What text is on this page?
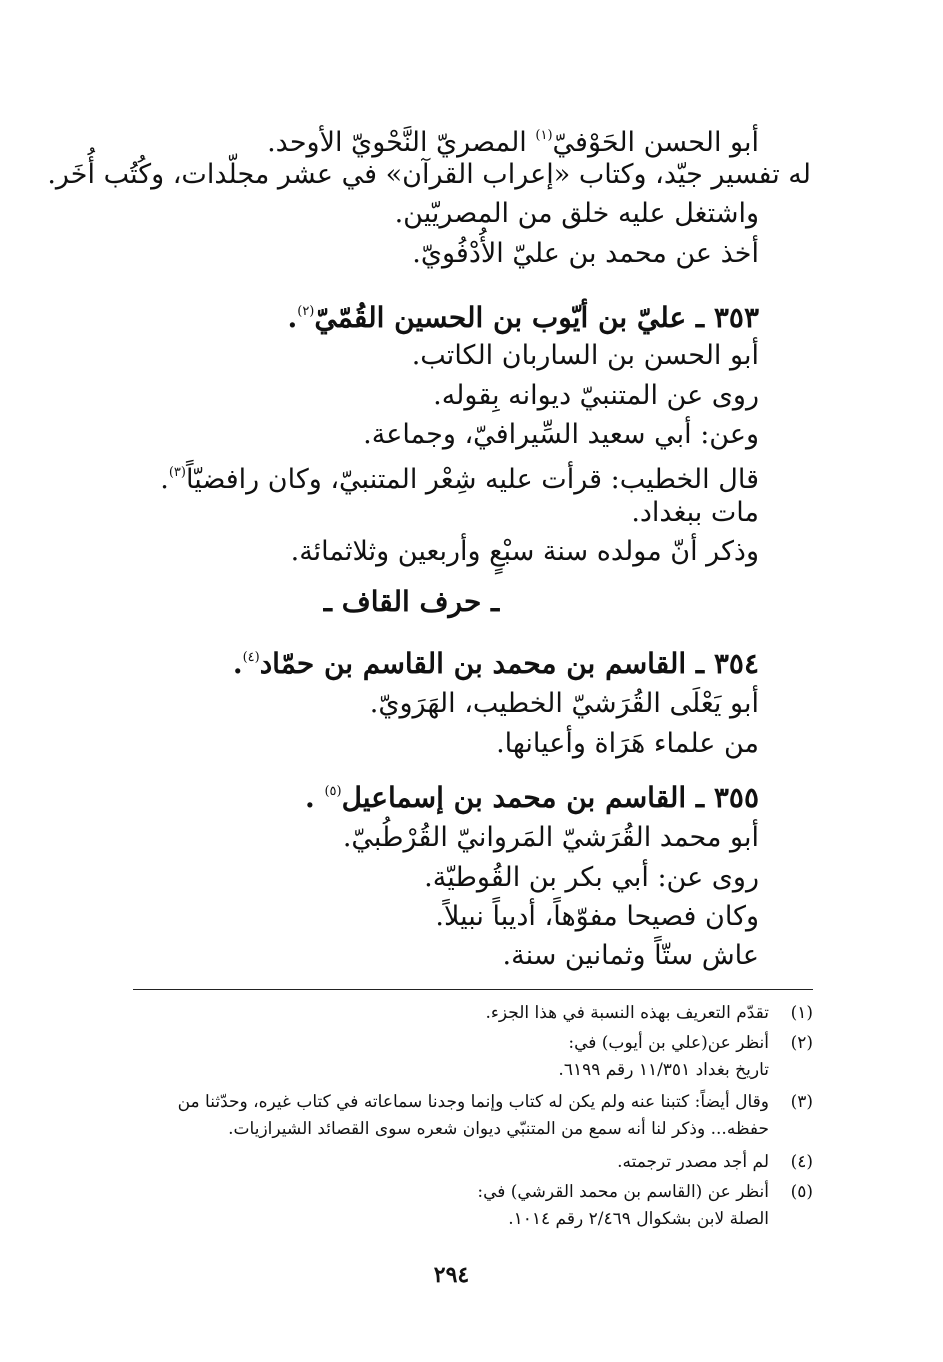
أبو الحسن الحَوْفيّ$^{(١)}$ المصريّ النَّحْويّ الأوحد.
له تفسير جيّد، وكتاب «إعراب القرآن» في عشر مجلّدات، وكُتُب أُخَر.
واشتغل عليه خلق من المصريّين.
أخذ عن محمد بن عليّ الأُدْفُويّ.
٣٥٣ ـ عليّ بن أيّوب بن الحسين القُمّيّ$^{(٢)}$.
أبو الحسن بن الساربان الكاتب.
روى عن المتنبيّ ديوانه بِقوله.
وعن: أبي سعيد السِّيرافيّ، وجماعة.
قال الخطيب: قرأت عليه شِعْر المتنبيّ، وكان رافضيّاً$^{(٣)}$.
مات ببغداد.
وذكر أنّ مولده سنة سبْعٍ وأربعين وثلاثمائة.
ـ حرف القاف ـ
٣٥٤ ـ القاسم بن محمد بن القاسم بن حمّاد$^{(٤)}$.
أبو يَعْلَى القُرَشيّ الخطيب، الهَرَويّ.
من علماء هَرَاة وأعيانها.
٣٥٥ ـ القاسم بن محمد بن إسماعيل$^{(٥)}$ .
أبو محمد القُرَشيّ المَروانيّ القُرْطُبيّ.
روى عن: أبي بكر بن القُوطيّة.
وكان فصيحا مفوّهاً، أديباً نبيلاً.
عاش ستّاً وثمانين سنة.
(١)تقدّم التعريف بهذه النسبة في هذا الجزء.
(٢)أنظر عن(علي بن أيوب) في:
تاريخ بغداد ١١/٣٥١ رقم ٦١٩٩.
(٣)وقال أيضاً: كتبنا عنه ولم يكن له كتاب وإنما وجدنا سماعاته في كتاب غيره، وحدّثنا من
حفظه... وذكر لنا أنه سمع من المتنبّي ديوان شعره سوى القصائد الشيرازيات.
(٤)لم أجد مصدر ترجمته.
(٥)أنظر عن (القاسم بن محمد القرشي) في:
الصلة لابن بشكوال ٢/٤٦٩ رقم ١٠١٤.
٢٩٤
